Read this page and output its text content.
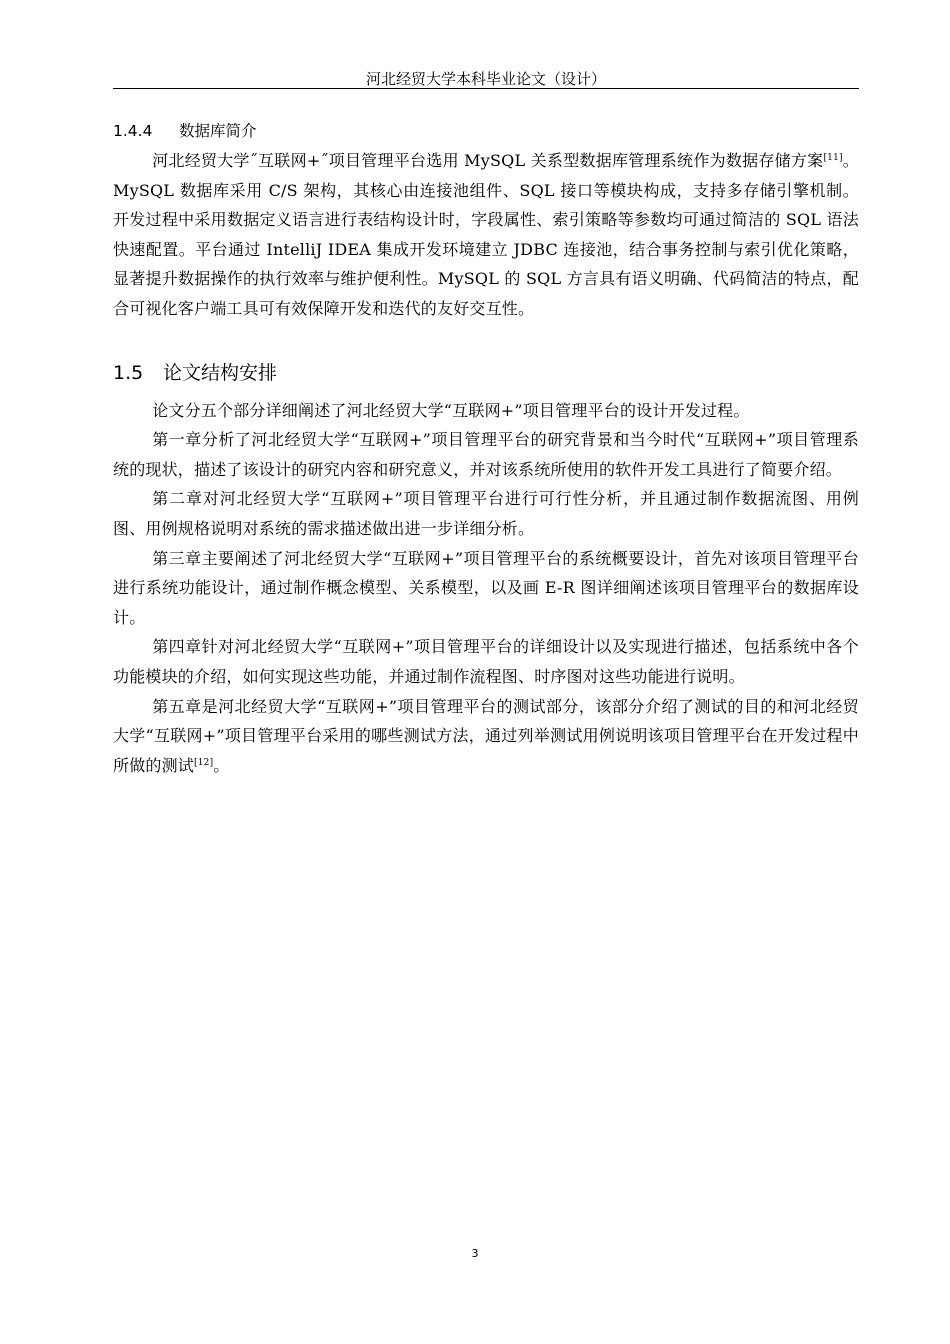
河北经贸大学本科毕业论文（设计）
1.4.4 数据库简介

河北经贸大学˝互联网+˝项目管理平台选用 MySQL 关系型数据库管理系统作为数据存储方案[11]。MySQL 数据库采用 C/S 架构，其核心由连接池组件、SQL 接口等模块构成，支持多存储引擎机制。开发过程中采用数据定义语言进行表结构设计时，字段属性、索引策略等参数均可通过简洁的 SQL 语法快速配置。平台通过 IntelliJ IDEA 集成开发环境建立 JDBC 连接池，结合事务控制与索引优化策略，显著提升数据操作的执行效率与维护便利性。MySQL 的 SQL 方言具有语义明确、代码简洁的特点，配合可视化客户端工具可有效保障开发和迭代的友好交互性。

1.5 论文结构安排

论文分五个部分详细阐述了河北经贸大学“互联网+”项目管理平台的设计开发过程。

第一章分析了河北经贸大学“互联网+”项目管理平台的研究背景和当今时代“互联网+”项目管理系统的现状，描述了该设计的研究内容和研究意义，并对该系统所使用的软件开发工具进行了简要介绍。

第二章对河北经贸大学“互联网+”项目管理平台进行可行性分析，并且通过制作数据流图、用例图、用例规格说明对系统的需求描述做出进一步详细分析。

第三章主要阐述了河北经贸大学“互联网+”项目管理平台的系统概要设计，首先对该项目管理平台进行系统功能设计，通过制作概念模型、关系模型，以及画 E-R 图详细阐述该项目管理平台的数据库设计。

第四章针对河北经贸大学“互联网+”项目管理平台的详细设计以及实现进行描述，包括系统中各个功能模块的介绍，如何实现这些功能，并通过制作流程图、时序图对这些功能进行说明。

第五章是河北经贸大学“互联网+”项目管理平台的测试部分，该部分介绍了测试的目的和河北经贸大学“互联网+”项目管理平台采用的哪些测试方法，通过列举测试用例说明该项目管理平台在开发过程中所做的测试[12]。

3
